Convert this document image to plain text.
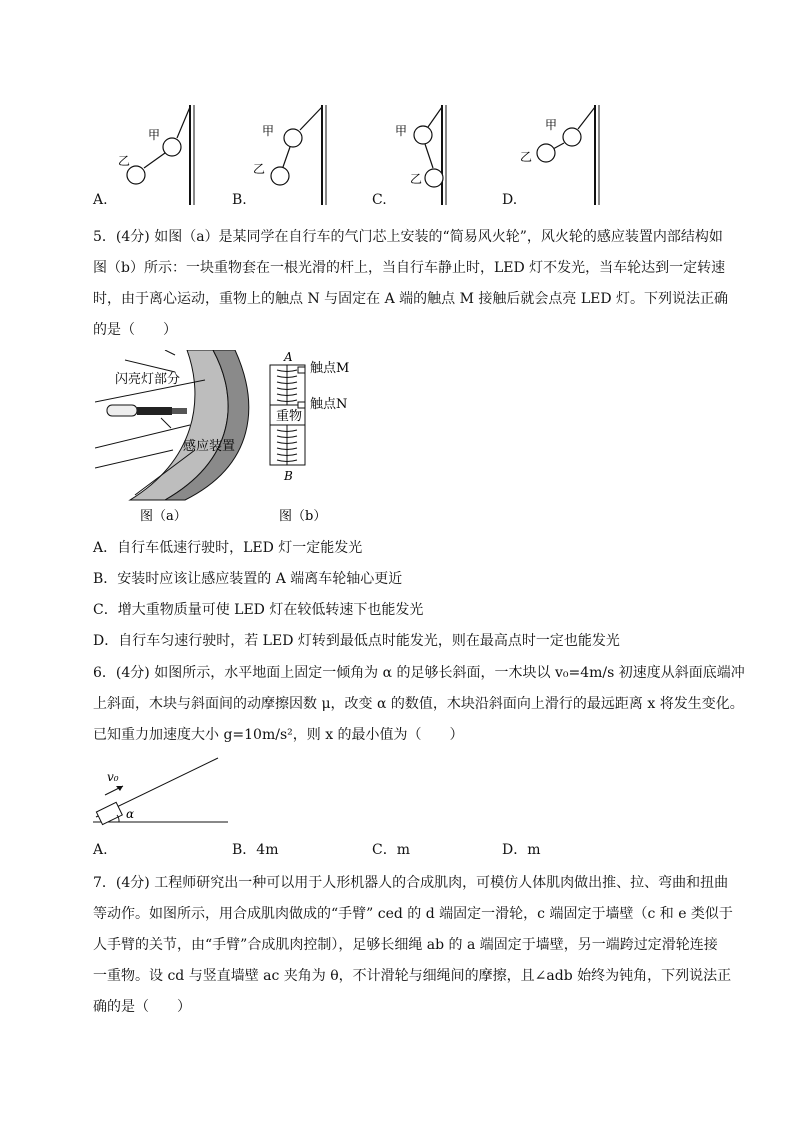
甲
乙
甲
乙
甲
乙
甲
乙
A.	B.	C.	D.
5．(4分) 如图（a）是某同学在自行车的气门芯上安装的“简易风火轮”，风火轮的感应装置内部结构如
图（b）所示：一块重物套在一根光滑的杆上，当自行车静止时，LED 灯不发光，当车轮达到一定转速
时，由于离心运动，重物上的触点 N 与固定在 A 端的触点 M 接触后就会点亮 LED 灯。下列说法正确
的是（　　）
闪亮灯部分
感应装置
图（a）
A
触点M
触点N
重物
B
图（b）
A．自行车低速行驶时，LED 灯一定能发光
B．安装时应该让感应装置的 A 端离车轮轴心更近
C．增大重物质量可使 LED 灯在较低转速下也能发光
D．自行车匀速行驶时，若 LED 灯转到最低点时能发光，则在最高点时一定也能发光
6．(4分) 如图所示，水平地面上固定一倾角为 α 的足够长斜面，一木块以 v₀=4m/s 初速度从斜面底端冲
上斜面，木块与斜面间的动摩擦因数 μ，改变 α 的数值，木块沿斜面向上滑行的最远距离 x 将发生变化。
已知重力加速度大小 g=10m/s²，则 x 的最小值为（　　）
v₀
α
A.	B．4m	C．m	D．m
7．(4分) 工程师研究出一种可以用于人形机器人的合成肌肉，可模仿人体肌肉做出推、拉、弯曲和扭曲
等动作。如图所示，用合成肌肉做成的“手臂” ced 的 d 端固定一滑轮，c 端固定于墙壁（c 和 e 类似于
人手臂的关节，由“手臂”合成肌肉控制），足够长细绳 ab 的 a 端固定于墙壁，另一端跨过定滑轮连接
一重物。设 cd 与竖直墙壁 ac 夹角为 θ，不计滑轮与细绳间的摩擦，且∠adb 始终为钝角，下列说法正
确的是（　　）
